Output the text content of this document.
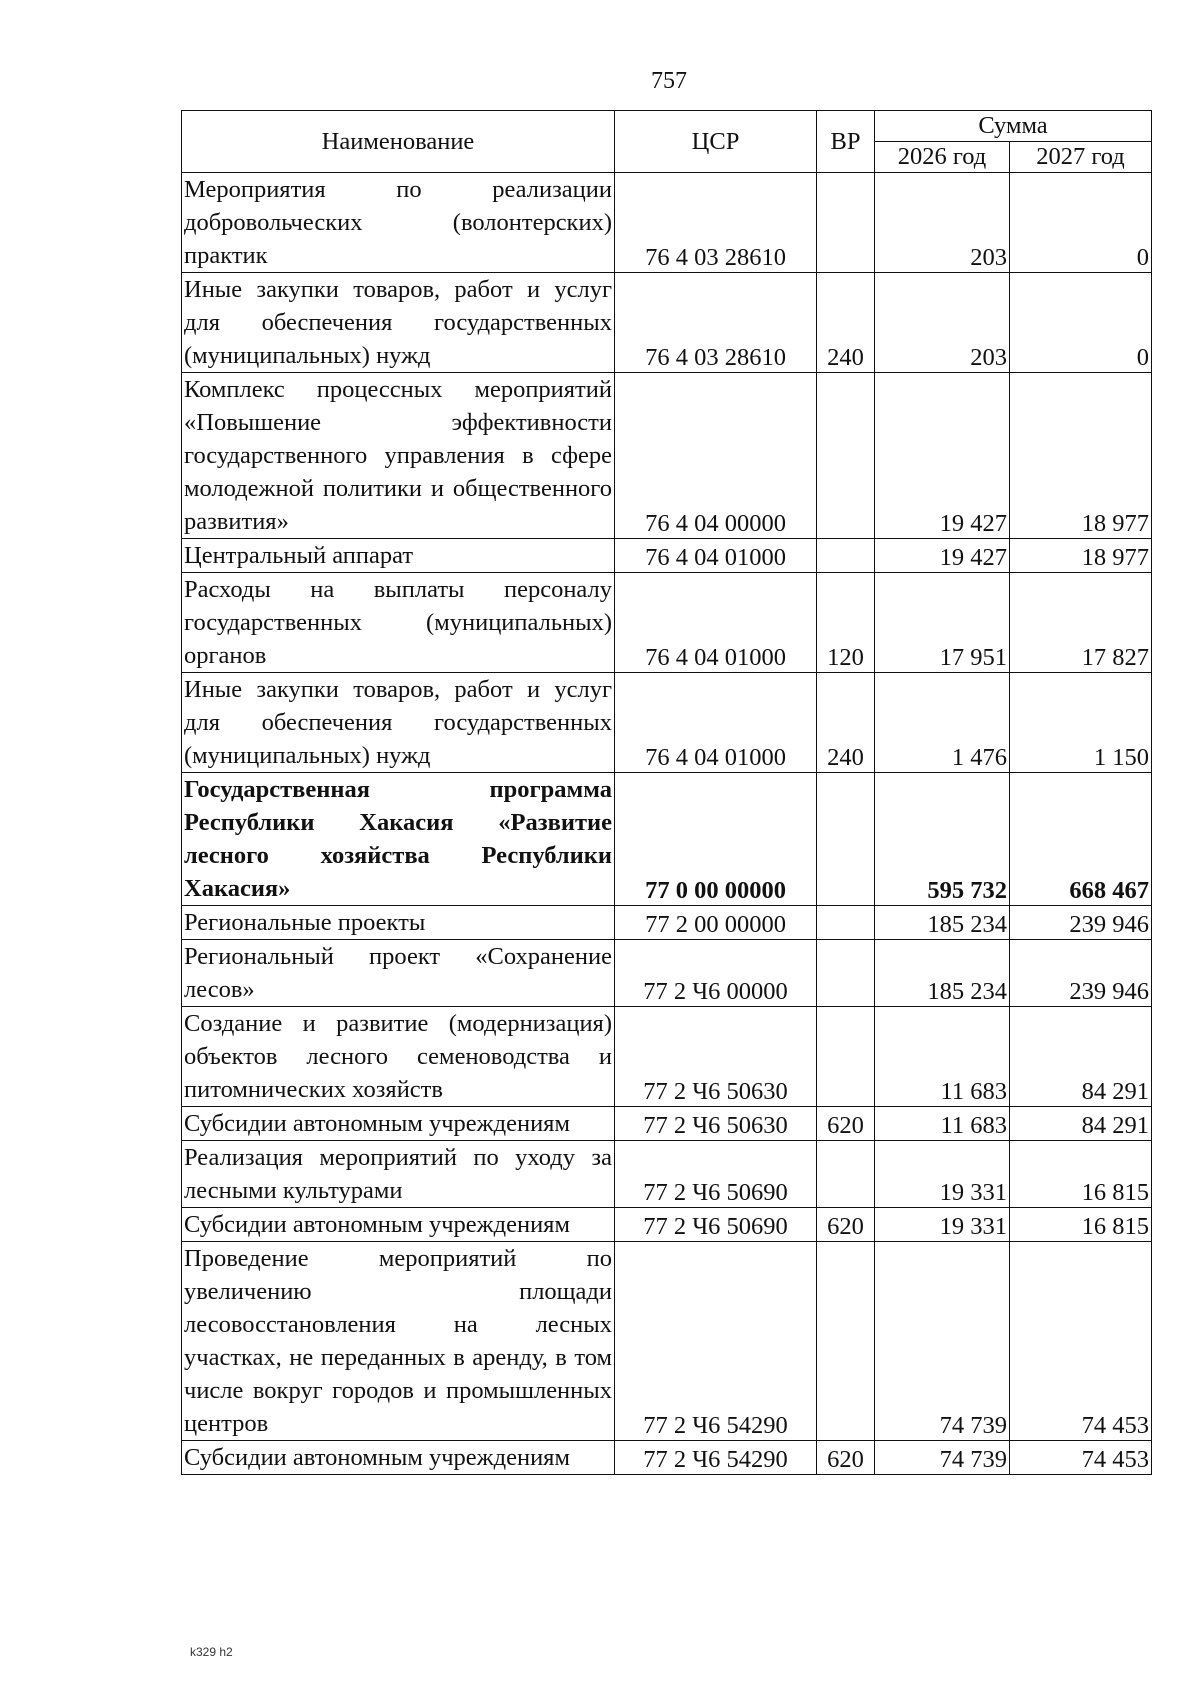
757
Наименование	ЦСР	ВР	Сумма	
			2026 год	2027 год
Мероприятия по реализации добровольческих (волонтерских) практик	76 4 03 28610		203	0
Иные закупки товаров, работ и услуг для обеспечения государственных (муниципальных) нужд	76 4 03 28610	240	203	0
Комплекс процессных мероприятий «Повышение эффективности государственного управления в сфере молодежной политики и общественного развития»	76 4 04 00000		19 427	18 977
Центральный аппарат	76 4 04 01000		19 427	18 977
Расходы на выплаты персоналу государственных (муниципальных) органов	76 4 04 01000	120	17 951	17 827
Иные закупки товаров, работ и услуг для обеспечения государственных (муниципальных) нужд	76 4 04 01000	240	1 476	1 150
Государственная программа Республики Хакасия «Развитие лесного хозяйства Республики Хакасия»	77 0 00 00000		595 732	668 467
Региональные проекты	77 2 00 00000		185 234	239 946
Региональный проект «Сохранение лесов»	77 2 Ч6 00000		185 234	239 946
Создание и развитие (модернизация) объектов лесного семеноводства и питомнических хозяйств	77 2 Ч6 50630		11 683	84 291
Субсидии автономным учреждениям	77 2 Ч6 50630	620	11 683	84 291
Реализация мероприятий по уходу за лесными культурами	77 2 Ч6 50690		19 331	16 815
Субсидии автономным учреждениям	77 2 Ч6 50690	620	19 331	16 815
Проведение мероприятий по увеличению площади лесовосстановления на лесных участках, не переданных в аренду, в том числе вокруг городов и промышленных центров	77 2 Ч6 54290		74 739	74 453
Субсидии автономным учреждениям	77 2 Ч6 54290	620	74 739	74 453
k329 h2
